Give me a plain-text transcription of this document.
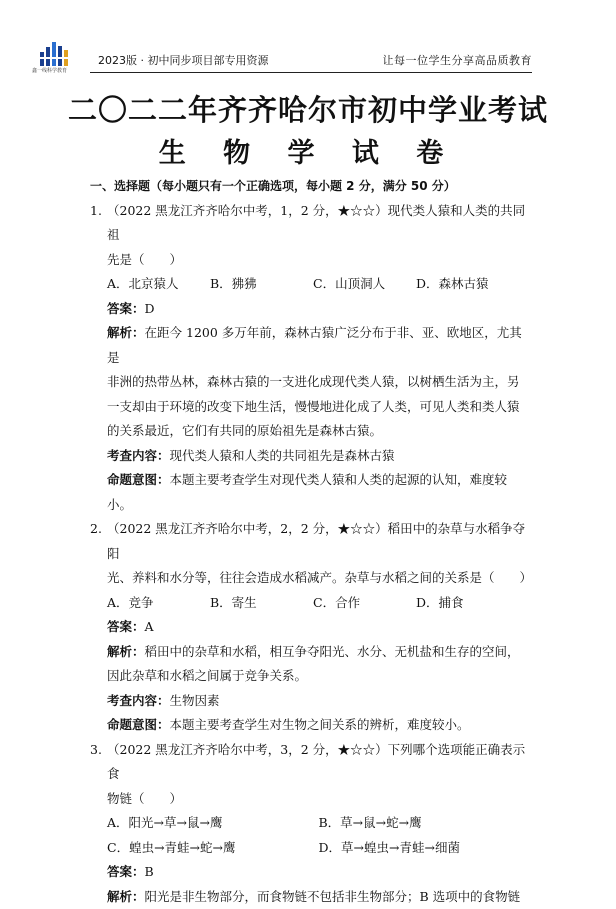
鑫一线科学教育
2023版 · 初中同步项目部专用资源	让每一位学生分享高品质教育
二〇二二年齐齐哈尔市初中学业考试
生 物 学 试 卷
一、选择题（每小题只有一个正确选项，每小题 2 分，满分 50 分）
1. （2022 黑龙江齐齐哈尔中考，1，2 分，★☆☆）现代类人猿和人类的共同祖
先是（　　）
A．北京猿人	B．狒狒	C．山顶洞人	D．森林古猿
答案：D
解析：在距今 1200 多万年前，森林古猿广泛分布于非、亚、欧地区，尤其是
非洲的热带丛林，森林古猿的一支进化成现代类人猿，以树栖生活为主，另
一支却由于环境的改变下地生活，慢慢地进化成了人类，可见人类和类人猿
的关系最近，它们有共同的原始祖先是森林古猿。
考查内容：现代类人猿和人类的共同祖先是森林古猿
命题意图：本题主要考查学生对现代类人猿和人类的起源的认知，难度较小。
2. （2022 黑龙江齐齐哈尔中考，2，2 分，★☆☆）稻田中的杂草与水稻争夺阳
光、养料和水分等，往往会造成水稻减产。杂草与水稻之间的关系是（　　）
A．竞争	B．寄生	C．合作	D．捕食
答案：A
解析：稻田中的杂草和水稻，相互争夺阳光、水分、无机盐和生存的空间，
因此杂草和水稻之间属于竞争关系。
考查内容：生物因素
命题意图：本题主要考查学生对生物之间关系的辨析，难度较小。
3. （2022 黑龙江齐齐哈尔中考，3，2 分，★☆☆）下列哪个选项能正确表示食
物链（　　）
A．阳光→草→鼠→鹰	B．草→鼠→蛇→鹰
C．蝗虫→青蛙→蛇→鹰	D．草→蝗虫→青蛙→细菌
答案：B
解析：阳光是非生物部分，而食物链不包括非生物部分；B 选项中的食物链
